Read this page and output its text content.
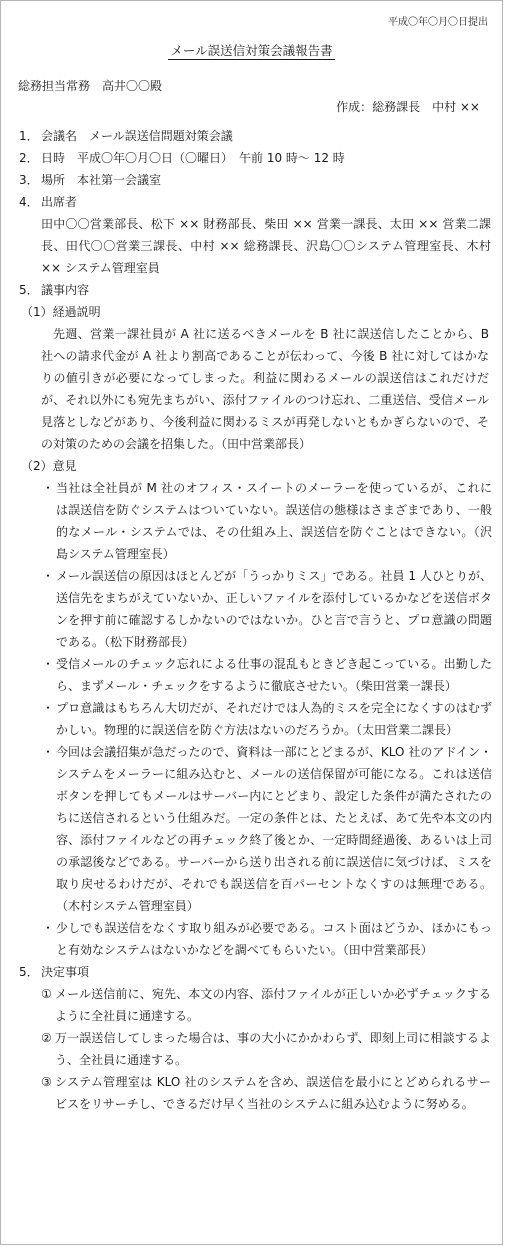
平成〇年〇月〇日提出
メール誤送信対策会議報告書
総務担当常務　高井〇〇殿
作成：総務課長　中村 ××
1． 会議名　メール誤送信問題対策会議
2． 日時　平成〇年〇月〇日（〇曜日）　午前 10 時〜 12 時
3． 場所　本社第一会議室
4． 出席者
田中〇〇営業部長、松下 ×× 財務部長、柴田 ×× 営業一課長、太田 ×× 営業二課長、田代〇〇営業三課長、中村 ×× 総務課長、沢島〇〇システム管理室長、木村 ×× システム管理室員
5． 議事内容
（1）経過説明
先週、営業一課社員が A 社に送るべきメールを B 社に誤送信したことから、B 社への請求代金が A 社より割高であることが伝わって、今後 B 社に対してはかなりの値引きが必要になってしまった。利益に関わるメールの誤送信はこれだけだが、それ以外にも宛先まちがい、添付ファイルのつけ忘れ、二重送信、受信メール見落としなどがあり、今後利益に関わるミスが再発しないともかぎらないので、その対策のための会議を招集した。（田中営業部長）
（2）意見
・ 当社は全社員が M 社のオフィス・スイートのメーラーを使っているが、これには誤送信を防ぐシステムはついていない。誤送信の態様はさまざまであり、一般的なメール・システムでは、その仕組み上、誤送信を防ぐことはできない。（沢島システム管理室長）
・ メール誤送信の原因はほとんどが「うっかりミス」である。社員 1 人ひとりが、送信先をまちがえていないか、正しいファイルを添付しているかなどを送信ボタンを押す前に確認するしかないのではないか。ひと言で言うと、プロ意識の問題である。（松下財務部長）
・ 受信メールのチェック忘れによる仕事の混乱もときどき起こっている。出勤したら、まずメール・チェックをするように徹底させたい。（柴田営業一課長）
・ プロ意識はもちろん大切だが、それだけでは人為的ミスを完全になくすのはむずかしい。物理的に誤送信を防ぐ方法はないのだろうか。（太田営業二課長）
・ 今回は会議招集が急だったので、資料は一部にとどまるが、KLO 社のアドイン・システムをメーラーに組み込むと、メールの送信保留が可能になる。これは送信ボタンを押してもメールはサーバー内にとどまり、設定した条件が満たされたのちに送信されるという仕組みだ。一定の条件とは、たとえば、あて先や本文の内容、添付ファイルなどの再チェック終了後とか、一定時間経過後、あるいは上司の承認後などである。サーバーから送り出される前に誤送信に気づけば、ミスを取り戻せるわけだが、それでも誤送信を百パーセントなくすのは無理である。（木村システム管理室員）
・ 少しでも誤送信をなくす取り組みが必要である。コスト面はどうか、ほかにもっと有効なシステムはないかなどを調べてもらいたい。（田中営業部長）
5． 決定事項
① メール送信前に、宛先、本文の内容、添付ファイルが正しいか必ずチェックするように全社員に通達する。
② 万一誤送信してしまった場合は、事の大小にかかわらず、即刻上司に相談するよう、全社員に通達する。
③ システム管理室は KLO 社のシステムを含め、誤送信を最小にとどめられるサービスをリサーチし、できるだけ早く当社のシステムに組み込むように努める。
